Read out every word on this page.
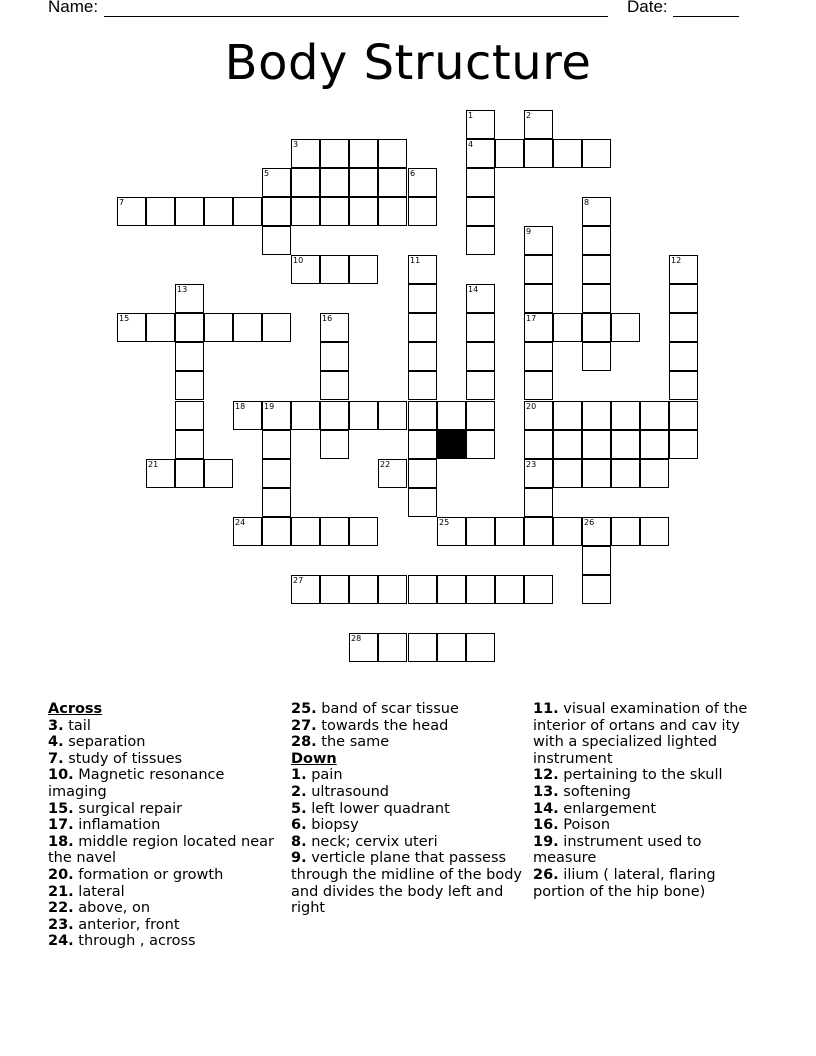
Name:	Date:
Body Structure
1	2
3	4
5	6
7	8
9
10	11	12
13	14
15	16	17
18 19	20
21	22	23
24	25	26
27
28
Across
3. tail
4. separation
7. study of tissues
10. Magnetic resonance imaging
15. surgical repair
17. inflamation
18. middle region located near the navel
20. formation or growth
21. lateral
22. above, on
23. anterior, front
24. through , across
25. band of scar tissue
27. towards the head
28. the same
Down
1. pain
2. ultrasound
5. left lower quadrant
6. biopsy
8. neck; cervix uteri
9. verticle plane that passess through the midline of the body and divides the body left and right
11. visual examination of the interior of ortans and cav ity with a specialized lighted instrument
12. pertaining to the skull
13. softening
14. enlargement
16. Poison
19. instrument used to measure
26. ilium ( lateral, flaring portion of the hip bone)
